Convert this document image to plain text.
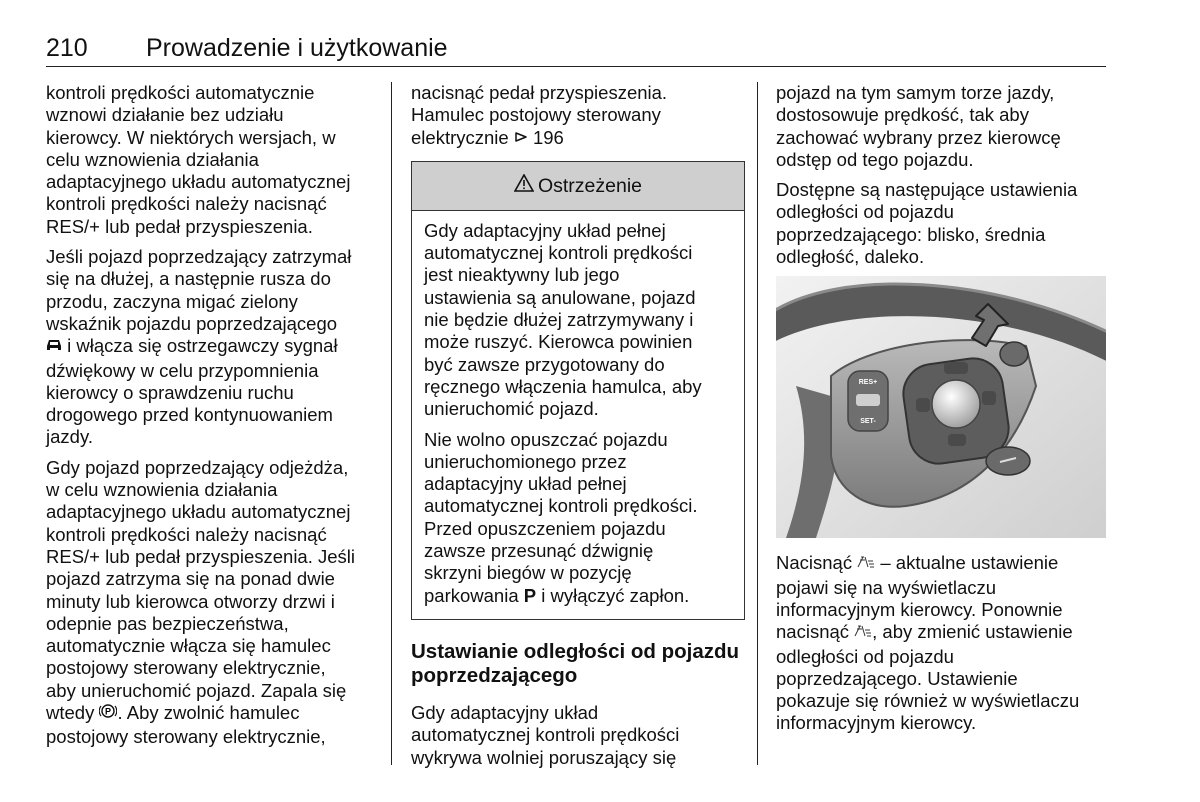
210 Prowadzenie i użytkowanie

kontroli prędkości automatycznie
wznowi działanie bez udziału
kierowcy. W niektórych wersjach, w
celu wznowienia działania
adaptacyjnego układu automatycznej
kontroli prędkości należy nacisnąć
RES/+ lub pedał przyspieszenia.

Jeśli pojazd poprzedzający zatrzymał
się na dłużej, a następnie rusza do
przodu, zaczyna migać zielony
wskaźnik pojazdu poprzedzającego
i włącza się ostrzegawczy sygnał
dźwiękowy w celu przypomnienia
kierowcy o sprawdzeniu ruchu
drogowego przed kontynuowaniem
jazdy.

Gdy pojazd poprzedzający odjeżdża,
w celu wznowienia działania
adaptacyjnego układu automatycznej
kontroli prędkości należy nacisnąć
RES/+ lub pedał przyspieszenia. Jeśli
pojazd zatrzyma się na ponad dwie
minuty lub kierowca otworzy drzwi i
odepnie pas bezpieczeństwa,
automatycznie włącza się hamulec
postojowy sterowany elektrycznie,
aby unieruchomić pojazd. Zapala się
wtedy P . Aby zwolnić hamulec
postojowy sterowany elektrycznie,

nacisnąć pedał przyspieszenia.
Hamulec postojowy sterowany
elektrycznie  196

Ostrzeżenie

Gdy adaptacyjny układ pełnej
automatycznej kontroli prędkości
jest nieaktywny lub jego
ustawienia są anulowane, pojazd
nie będzie dłużej zatrzymywany i
może ruszyć. Kierowca powinien
być zawsze przygotowany do
ręcznego włączenia hamulca, aby
unieruchomić pojazd.

Nie wolno opuszczać pojazdu
unieruchomionego przez
adaptacyjny układ pełnej
automatycznej kontroli prędkości.
Przed opuszczeniem pojazdu
zawsze przesunąć dźwignię
skrzyni biegów w pozycję
parkowania P i wyłączyć zapłon.

Ustawianie odległości od pojazdu
poprzedzającego

Gdy adaptacyjny układ
automatycznej kontroli prędkości
wykrywa wolniej poruszający się

pojazd na tym samym torze jazdy,
dostosowuje prędkość, tak aby
zachować wybrany przez kierowcę
odstęp od tego pojazdu.

Dostępne są następujące ustawienia
odległości od pojazdu
poprzedzającego: blisko, średnia
odległość, daleko.

RES+
SET-

Nacisnąć  – aktualne ustawienie
pojawi się na wyświetlaczu
informacyjnym kierowcy. Ponownie
nacisnąć , aby zmienić ustawienie
odległości od pojazdu
poprzedzającego. Ustawienie
pokazuje się również w wyświetlaczu
informacyjnym kierowcy.
